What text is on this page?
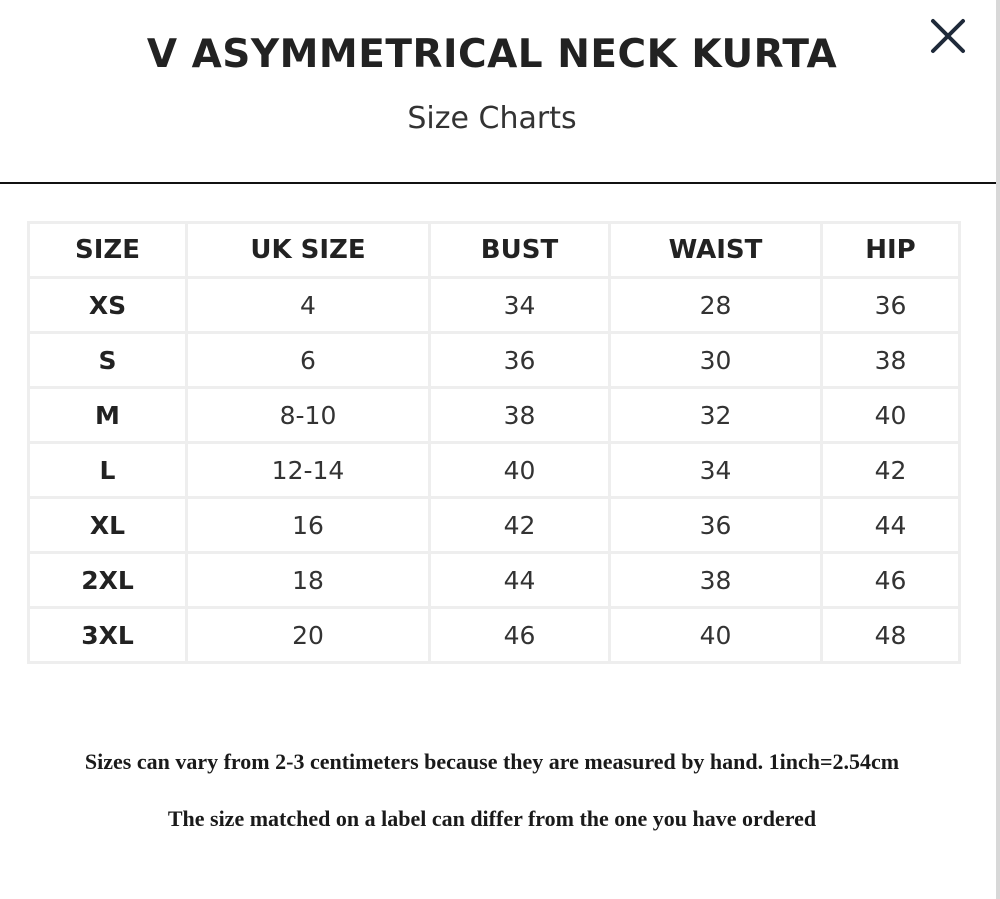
V ASYMMETRICAL NECK KURTA
Size Charts
SIZE	UK SIZE	BUST	WAIST	HIP
XS	4	34	28	36
S	6	36	30	38
M	8-10	38	32	40
L	12-14	40	34	42
XL	16	42	36	44
2XL	18	44	38	46
3XL	20	46	40	48

Sizes can vary from 2-3 centimeters because they are measured by hand. 1inch=2.54cm

The size matched on a label can differ from the one you have ordered
